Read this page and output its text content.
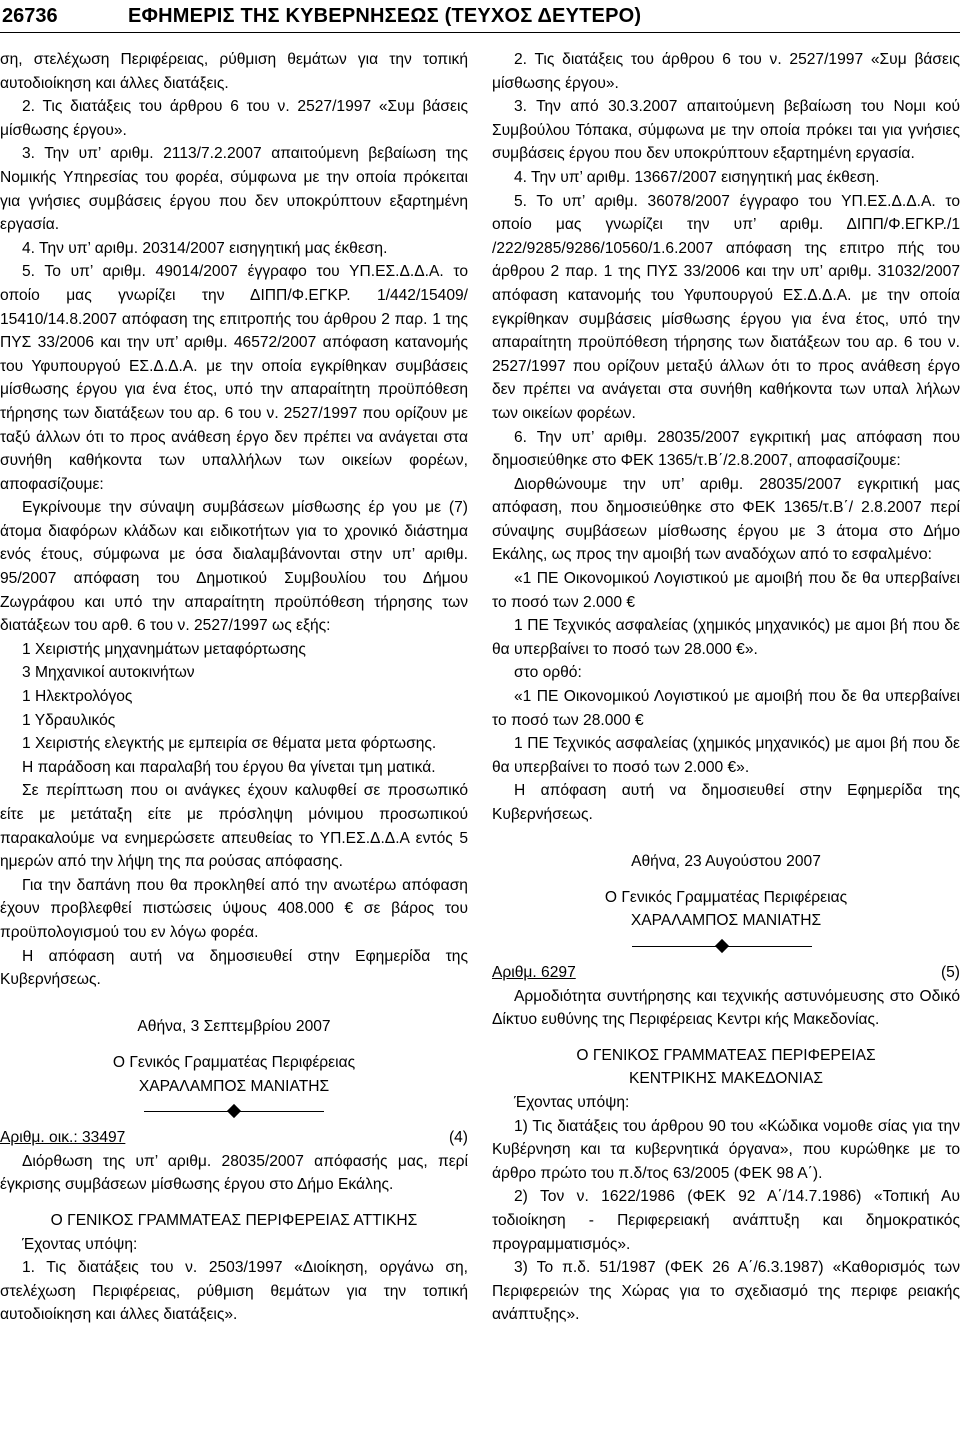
26736	ΕΦΗΜΕΡΙΣ ΤΗΣ ΚΥΒΕΡΝΗΣΕΩΣ (ΤΕΥΧΟΣ ΔΕΥΤΕΡΟ)

ση, στελέχωση Περιφέρειας, ρύθμιση θεμάτων για την τοπική αυτοδιοίκηση και άλλες διατάξεις.

2. Τις διατάξεις του άρθρου 6 του ν. 2527/1997 «Συμ βάσεις μίσθωσης έργου».

3. Την υπ’ αριθμ. 2113/7.2.2007 απαιτούμενη βεβαίωση της Νομικής Υπηρεσίας του φορέα, σύμφωνα με την οποία πρόκειται για γνήσιες συμβάσεις έργου που δεν υποκρύπτουν εξαρτημένη εργασία.

4. Την υπ’ αριθμ. 20314/2007 εισηγητική μας έκθεση.

5. Το υπ’ αριθμ. 49014/2007 έγγραφο του ΥΠ.ΕΣ.Δ.Δ.Α. το οποίο μας γνωρίζει την ΔΙΠΠ/Φ.ΕΓΚΡ. 1/442/15409/ 15410/14.8.2007 απόφαση της επιτροπής του άρθρου 2 παρ. 1 της ΠΥΣ 33/2006 και την υπ’ αριθμ. 46572/2007 απόφαση κατανομής του Υφυπουργού ΕΣ.Δ.Δ.Α. με την οποία εγκρίθηκαν συμβάσεις μίσθωσης έργου για ένα έτος, υπό την απαραίτητη προϋπόθεση τήρησης των διατάξεων του αρ. 6 του ν. 2527/1997 που ορίζουν με ταξύ άλλων ότι το προς ανάθεση έργο δεν πρέπει να ανάγεται στα συνήθη καθήκοντα των υπαλλήλων των οικείων φορέων, αποφασίζουμε:

Εγκρίνουμε την σύναψη συμβάσεων μίσθωσης έρ γου με (7) άτομα διαφόρων κλάδων και ειδικοτήτων για το χρονικό διάστημα ενός έτους, σύμφωνα με όσα διαλαμβάνονται στην υπ’ αριθμ. 95/2007 απόφαση του Δημοτικού Συμβουλίου του Δήμου Ζωγράφου και υπό την απαραίτητη προϋπόθεση τήρησης των διατάξεων του αρθ. 6 του ν. 2527/1997 ως εξής:

1 Χειριστής μηχανημάτων μεταφόρτωσης

3 Μηχανικοί αυτοκινήτων

1 Ηλεκτρολόγος

1 Υδραυλικός

1 Χειριστής ελεγκτής με εμπειρία σε θέματα μετα φόρτωσης.

Η παράδοση και παραλαβή του έργου θα γίνεται τμη ματικά.

Σε περίπτωση που οι ανάγκες έχουν καλυφθεί σε προσωπικό είτε με μετάταξη είτε με πρόσληψη μόνιμου προσωπικού παρακαλούμε να ενημερώσετε απευθείας το ΥΠ.ΕΣ.Δ.Δ.Α εντός 5 ημερών από την λήψη της πα ρούσας απόφασης.

Για την δαπάνη που θα προκληθεί από την ανωτέρω απόφαση έχουν προβλεφθεί πιστώσεις ύψους 408.000 € σε βάρος του προϋπολογισμού του εν λόγω φορέα.

Η απόφαση αυτή να δημοσιευθεί στην Εφημερίδα της Κυβερνήσεως.

Αθήνα, 3 Σεπτεμβρίου 2007

Ο Γενικός Γραμματέας Περιφέρειας

ΧΑΡΑΛΑΜΠΟΣ ΜΑΝΙΑΤΗΣ

Αριθμ. οικ.: 33497	(4)

Διόρθωση της υπ’ αριθμ. 28035/2007 απόφασής μας, περί έγκρισης συμβάσεων μίσθωσης έργου στο Δήμο Εκάλης.

Ο ΓΕΝΙΚΟΣ ΓΡΑΜΜΑΤΕΑΣ ΠΕΡΙΦΕΡΕΙΑΣ ΑΤΤΙΚΗΣ

Έχοντας υπόψη:

1. Τις διατάξεις του ν. 2503/1997 «Διοίκηση, οργάνω ση, στελέχωση Περιφέρειας, ρύθμιση θεμάτων για την τοπική αυτοδιοίκηση και άλλες διατάξεις».

2. Τις διατάξεις του άρθρου 6 του ν. 2527/1997 «Συμ βάσεις μίσθωσης έργου».

3. Την από 30.3.2007 απαιτούμενη βεβαίωση του Νομι κού Συμβούλου Τόπακα, σύμφωνα με την οποία πρόκει ται για γνήσιες συμβάσεις έργου που δεν υποκρύπτουν εξαρτημένη εργασία.

4. Την υπ’ αριθμ. 13667/2007 εισηγητική μας έκθεση.

5. Το υπ’ αριθμ. 36078/2007 έγγραφο του ΥΠ.ΕΣ.Δ.Δ.Α. το οποίο μας γνωρίζει την υπ’ αριθμ. ΔΙΠΠ/Φ.ΕΓΚΡ./1 /222/9285/9286/10560/1.6.2007 απόφαση της επιτρο πής του άρθρου 2 παρ. 1 της ΠΥΣ 33/2006 και την υπ’ αριθμ. 31032/2007 απόφαση κατανομής του Υφυπουργού ΕΣ.Δ.Δ.Α. με την οποία εγκρίθηκαν συμβάσεις μίσθωσης έργου για ένα έτος, υπό την απαραίτητη προϋπόθεση τήρησης των διατάξεων του αρ. 6 του ν. 2527/1997 που ορίζουν μεταξύ άλλων ότι το προς ανάθεση έργο δεν πρέπει να ανάγεται στα συνήθη καθήκοντα των υπαλ λήλων των οικείων φορέων.

6. Την υπ’ αριθμ. 28035/2007 εγκριτική μας απόφαση που δημοσιεύθηκε στο ΦΕΚ 1365/τ.Β΄/2.8.2007, αποφασίζουμε:

Διορθώνουμε την υπ’ αριθμ. 28035/2007 εγκριτική μας απόφαση, που δημοσιεύθηκε στο ΦΕΚ 1365/τ.Β΄/ 2.8.2007 περί σύναψης συμβάσεων μίσθωσης έργου με 3 άτομα στο Δήμο Εκάλης, ως προς την αμοιβή των αναδόχων από το εσφαλμένο:

«1 ΠΕ Οικονομικού Λογιστικού με αμοιβή που δε θα υπερβαίνει το ποσό των 2.000 €

1 ΠΕ Τεχνικός ασφαλείας (χημικός μηχανικός) με αμοι βή που δε θα υπερβαίνει το ποσό των 28.000 €».

στο ορθό:

«1 ΠΕ Οικονομικού Λογιστικού με αμοιβή που δε θα υπερβαίνει το ποσό των 28.000 €

1 ΠΕ Τεχνικός ασφαλείας (χημικός μηχανικός) με αμοι βή που δε θα υπερβαίνει το ποσό των 2.000 €».

Η απόφαση αυτή να δημοσιευθεί στην Εφημερίδα της Κυβερνήσεως.

Αθήνα, 23 Αυγούστου 2007

Ο Γενικός Γραμματέας Περιφέρειας

ΧΑΡΑΛΑΜΠΟΣ ΜΑΝΙΑΤΗΣ

Αριθμ. 6297	(5)

Αρμοδιότητα συντήρησης και τεχνικής αστυνόμευσης στο Οδικό Δίκτυο ευθύνης της Περιφέρειας Κεντρι κής Μακεδονίας.

Ο ΓΕΝΙΚΟΣ ΓΡΑΜΜΑΤΕΑΣ ΠΕΡΙΦΕΡΕΙΑΣ

ΚΕΝΤΡΙΚΗΣ ΜΑΚΕΔΟΝΙΑΣ

Έχοντας υπόψη:

1) Τις διατάξεις του άρθρου 90 του «Κώδικα νομοθε σίας για την Κυβέρνηση και τα κυβερνητικά όργανα», που κυρώθηκε με το άρθρο πρώτο του π.δ/τος 63/2005 (ΦΕΚ 98 Α΄).

2) Τον ν. 1622/1986 (ΦΕΚ 92 Α΄/14.7.1986) «Τοπική Αυ τοδιοίκηση - Περιφερειακή ανάπτυξη και δημοκρατικός προγραμματισμός».

3) Το π.δ. 51/1987 (ΦΕΚ 26 Α΄/6.3.1987) «Καθορισμός των Περιφερειών της Χώρας για το σχεδιασμό της περιφε ρειακής ανάπτυξης».
